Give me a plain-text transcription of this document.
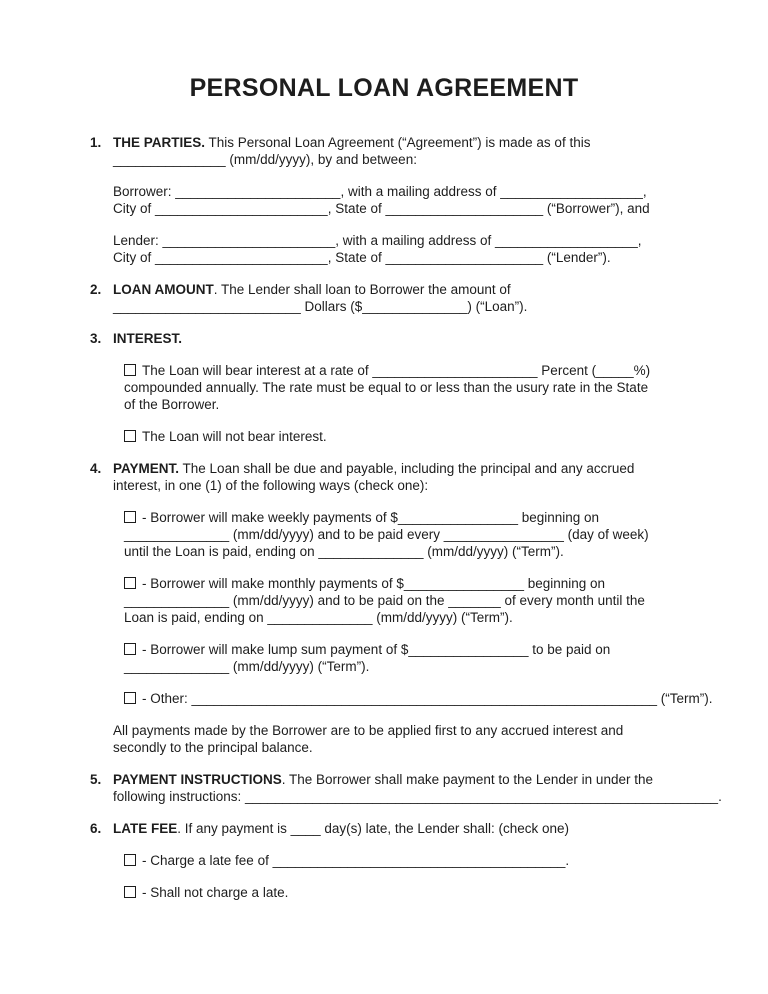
PERSONAL LOAN AGREEMENT
1. THE PARTIES. This Personal Loan Agreement (“Agreement”) is made as of this
_______________ (mm/dd/yyyy), by and between:
Borrower: ______________________, with a mailing address of ___________________,
City of _______________________, State of _____________________ (“Borrower”), and
Lender: _______________________, with a mailing address of ___________________,
City of _______________________, State of _____________________ (“Lender”).
2. LOAN AMOUNT. The Lender shall loan to Borrower the amount of
_________________________ Dollars ($______________) (“Loan”).
3. INTEREST.
The Loan will bear interest at a rate of ______________________ Percent (_____%)
compounded annually. The rate must be equal to or less than the usury rate in the State
of the Borrower.
The Loan will not bear interest.
4. PAYMENT. The Loan shall be due and payable, including the principal and any accrued
interest, in one (1) of the following ways (check one):
- Borrower will make weekly payments of $________________ beginning on
______________ (mm/dd/yyyy) and to be paid every ________________ (day of week)
until the Loan is paid, ending on ______________ (mm/dd/yyyy) (“Term”).
- Borrower will make monthly payments of $________________ beginning on
______________ (mm/dd/yyyy) and to be paid on the _______ of every month until the
Loan is paid, ending on ______________ (mm/dd/yyyy) (“Term”).
- Borrower will make lump sum payment of $________________ to be paid on
______________ (mm/dd/yyyy) (“Term”).
- Other: ______________________________________________________________ (“Term”).
All payments made by the Borrower are to be applied first to any accrued interest and
secondly to the principal balance.
5. PAYMENT INSTRUCTIONS. The Borrower shall make payment to the Lender in under the
following instructions: _______________________________________________________________.
6. LATE FEE. If any payment is ____ day(s) late, the Lender shall: (check one)
- Charge a late fee of _______________________________________.
- Shall not charge a late.
